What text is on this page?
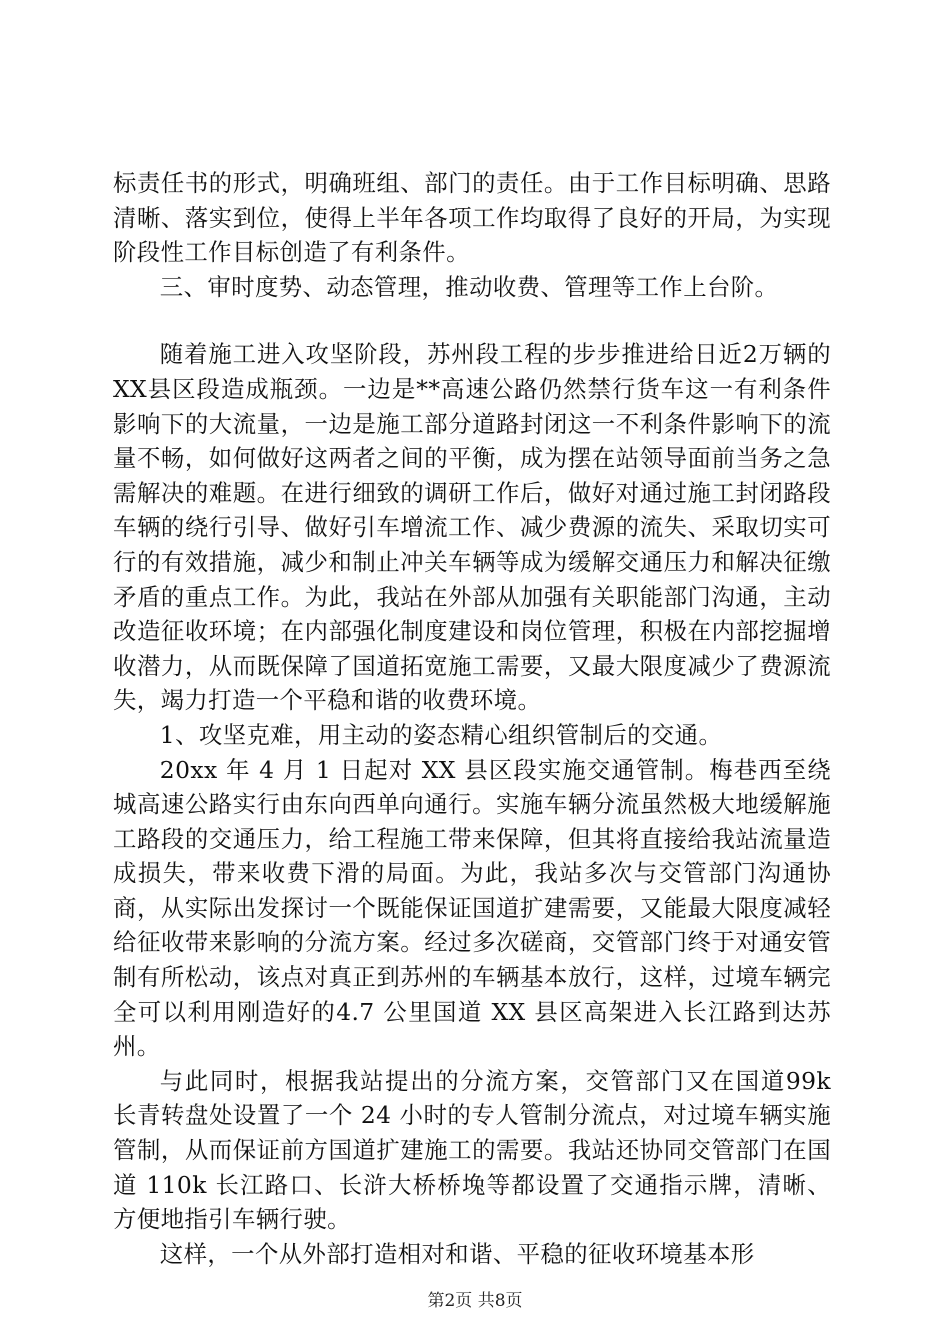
标责任书的形式，明确班组、部门的责任。由于工作目标明确、思路清晰、落实到位，使得上半年各项工作均取得了良好的开局，为实现阶段性工作目标创造了有利条件。

三、审时度势、动态管理，推动收费、管理等工作上台阶。

随着施工进入攻坚阶段，苏州段工程的步步推进给日近2万辆的XX县区段造成瓶颈。一边是**高速公路仍然禁行货车这一有利条件影响下的大流量，一边是施工部分道路封闭这一不利条件影响下的流量不畅，如何做好这两者之间的平衡，成为摆在站领导面前当务之急需解决的难题。在进行细致的调研工作后，做好对通过施工封闭路段车辆的绕行引导、做好引车增流工作、减少费源的流失、采取切实可行的有效措施，减少和制止冲关车辆等成为缓解交通压力和解决征缴矛盾的重点工作。为此，我站在外部从加强有关职能部门沟通，主动改造征收环境；在内部强化制度建设和岗位管理，积极在内部挖掘增收潜力，从而既保障了国道拓宽施工需要，又最大限度减少了费源流失，竭力打造一个平稳和谐的收费环境。

1、攻坚克难，用主动的姿态精心组织管制后的交通。

20xx 年 4 月 1 日起对 XX 县区段实施交通管制。梅巷西至绕城高速公路实行由东向西单向通行。实施车辆分流虽然极大地缓解施工路段的交通压力，给工程施工带来保障，但其将直接给我站流量造成损失，带来收费下滑的局面。为此，我站多次与交管部门沟通协商，从实际出发探讨一个既能保证国道扩建需要，又能最大限度减轻给征收带来影响的分流方案。经过多次磋商，交管部门终于对通安管制有所松动，该点对真正到苏州的车辆基本放行，这样，过境车辆完全可以利用刚造好的4.7 公里国道 XX 县区高架进入长江路到达苏州。

与此同时，根据我站提出的分流方案，交管部门又在国道99k 长青转盘处设置了一个 24 小时的专人管制分流点，对过境车辆实施管制，从而保证前方国道扩建施工的需要。我站还协同交管部门在国道 110k 长江路口、长浒大桥桥堍等都设置了交通指示牌，清晰、方便地指引车辆行驶。

这样，一个从外部打造相对和谐、平稳的征收环境基本形

第2页 共8页
